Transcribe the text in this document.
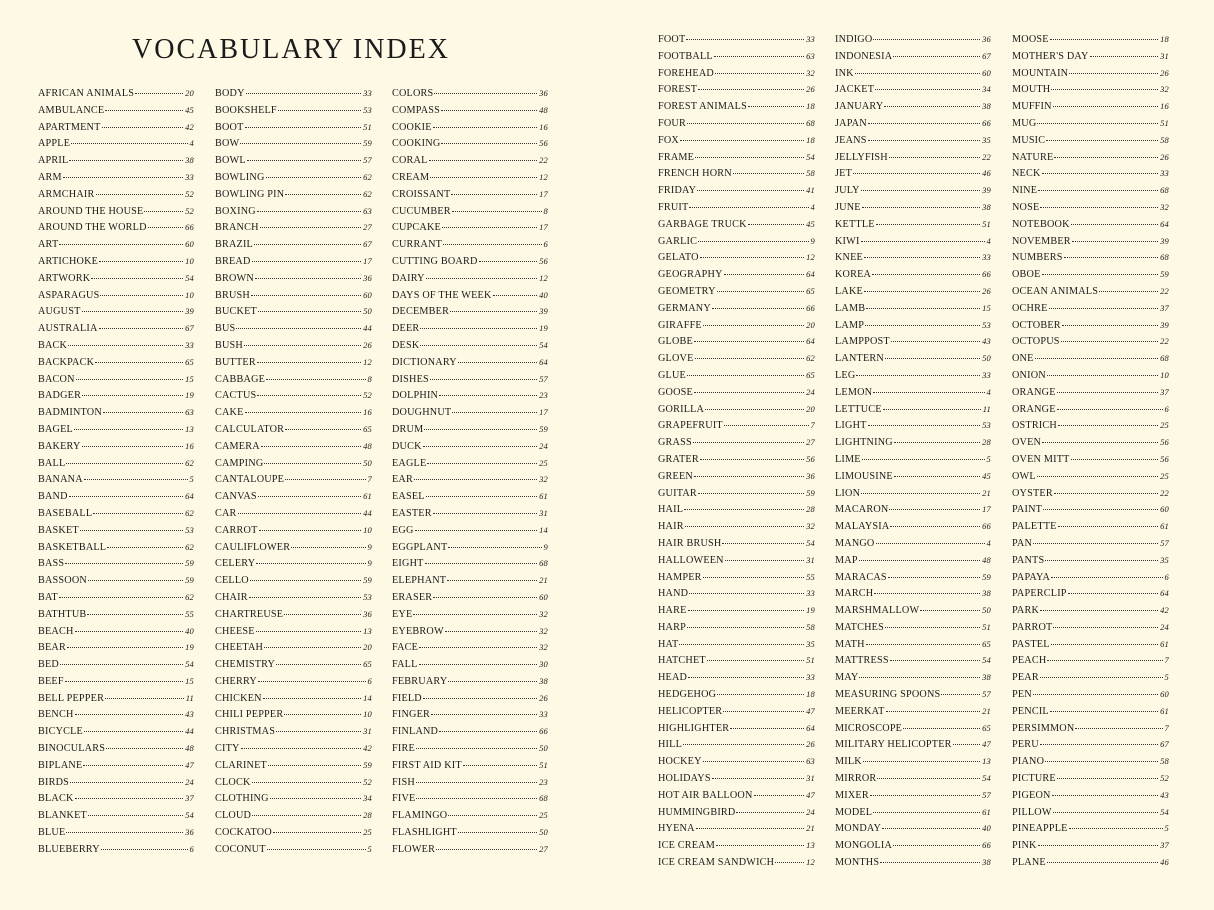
VOCABULARY INDEX
AFRICAN ANIMALS	20
AMBULANCE	45
APARTMENT	42
APPLE	4
APRIL	38
ARM	33
ARMCHAIR	52
AROUND THE HOUSE	52
AROUND THE WORLD	66
ART	60
ARTICHOKE	10
ARTWORK	54
ASPARAGUS	10
AUGUST	39
AUSTRALIA	67
BACK	33
BACKPACK	65
BACON	15
BADGER	19
BADMINTON	63
BAGEL	13
BAKERY	16
BALL	62
BANANA	5
BAND	64
BASEBALL	62
BASKET	53
BASKETBALL	62
BASS	59
BASSOON	59
BAT	62
BATHTUB	55
BEACH	40
BEAR	19
BED	54
BEEF	15
BELL PEPPER	11
BENCH	43
BICYCLE	44
BINOCULARS	48
BIPLANE	47
BIRDS	24
BLACK	37
BLANKET	54
BLUE	36
BLUEBERRY	6
BODY	33
BOOKSHELF	53
BOOT	51
BOW	59
BOWL	57
BOWLING	62
BOWLING PIN	62
BOXING	63
BRANCH	27
BRAZIL	67
BREAD	17
BROWN	36
BRUSH	60
BUCKET	50
BUS	44
BUSH	26
BUTTER	12
CABBAGE	8
CACTUS	52
CAKE	16
CALCULATOR	65
CAMERA	48
CAMPING	50
CANTALOUPE	7
CANVAS	61
CAR	44
CARROT	10
CAULIFLOWER	9
CELERY	9
CELLO	59
CHAIR	53
CHARTREUSE	36
CHEESE	13
CHEETAH	20
CHEMISTRY	65
CHERRY	6
CHICKEN	14
CHILI PEPPER	10
CHRISTMAS	31
CITY	42
CLARINET	59
CLOCK	52
CLOTHING	34
CLOUD	28
COCKATOO	25
COCONUT	5
COLORS	36
COMPASS	48
COOKIE	16
COOKING	56
CORAL	22
CREAM	12
CROISSANT	17
CUCUMBER	8
CUPCAKE	17
CURRANT	6
CUTTING BOARD	56
DAIRY	12
DAYS OF THE WEEK	40
DECEMBER	39
DEER	19
DESK	54
DICTIONARY	64
DISHES	57
DOLPHIN	23
DOUGHNUT	17
DRUM	59
DUCK	24
EAGLE	25
EAR	32
EASEL	61
EASTER	31
EGG	14
EGGPLANT	9
EIGHT	68
ELEPHANT	21
ERASER	60
EYE	32
EYEBROW	32
FACE	32
FALL	30
FEBRUARY	38
FIELD	26
FINGER	33
FINLAND	66
FIRE	50
FIRST AID KIT	51
FISH	23
FIVE	68
FLAMINGO	25
FLASHLIGHT	50
FLOWER	27
FOOT	33
FOOTBALL	63
FOREHEAD	32
FOREST	26
FOREST ANIMALS	18
FOUR	68
FOX	18
FRAME	54
FRENCH HORN	58
FRIDAY	41
FRUIT	4
GARBAGE TRUCK	45
GARLIC	9
GELATO	12
GEOGRAPHY	64
GEOMETRY	65
GERMANY	66
GIRAFFE	20
GLOBE	64
GLOVE	62
GLUE	65
GOOSE	24
GORILLA	20
GRAPEFRUIT	7
GRASS	27
GRATER	56
GREEN	36
GUITAR	59
HAIL	28
HAIR	32
HAIR BRUSH	54
HALLOWEEN	31
HAMPER	55
HAND	33
HARE	19
HARP	58
HAT	35
HATCHET	51
HEAD	33
HEDGEHOG	18
HELICOPTER	47
HIGHLIGHTER	64
HILL	26
HOCKEY	63
HOLIDAYS	31
HOT AIR BALLOON	47
HUMMINGBIRD	24
HYENA	21
ICE CREAM	13
ICE CREAM SANDWICH	12
INDIGO	36
INDONESIA	67
INK	60
JACKET	34
JANUARY	38
JAPAN	66
JEANS	35
JELLYFISH	22
JET	46
JULY	39
JUNE	38
KETTLE	51
KIWI	4
KNEE	33
KOREA	66
LAKE	26
LAMB	15
LAMP	53
LAMPPOST	43
LANTERN	50
LEG	33
LEMON	4
LETTUCE	11
LIGHT	53
LIGHTNING	28
LIME	5
LIMOUSINE	45
LION	21
MACARON	17
MALAYSIA	66
MANGO	4
MAP	48
MARACAS	59
MARCH	38
MARSHMALLOW	50
MATCHES	51
MATH	65
MATTRESS	54
MAY	38
MEASURING SPOONS	57
MEERKAT	21
MICROSCOPE	65
MILITARY HELICOPTER	47
MILK	13
MIRROR	54
MIXER	57
MODEL	61
MONDAY	40
MONGOLIA	66
MONTHS	38
MOOSE	18
MOTHER'S DAY	31
MOUNTAIN	26
MOUTH	32
MUFFIN	16
MUG	51
MUSIC	58
NATURE	26
NECK	33
NINE	68
NOSE	32
NOTEBOOK	64
NOVEMBER	39
NUMBERS	68
OBOE	59
OCEAN ANIMALS	22
OCHRE	37
OCTOBER	39
OCTOPUS	22
ONE	68
ONION	10
ORANGE	37
ORANGE	6
OSTRICH	25
OVEN	56
OVEN MITT	56
OWL	25
OYSTER	22
PAINT	60
PALETTE	61
PAN	57
PANTS	35
PAPAYA	6
PAPERCLIP	64
PARK	42
PARROT	24
PASTEL	61
PEACH	7
PEAR	5
PEN	60
PENCIL	61
PERSIMMON	7
PERU	67
PIANO	58
PICTURE	52
PIGEON	43
PILLOW	54
PINEAPPLE	5
PINK	37
PLANE	46
